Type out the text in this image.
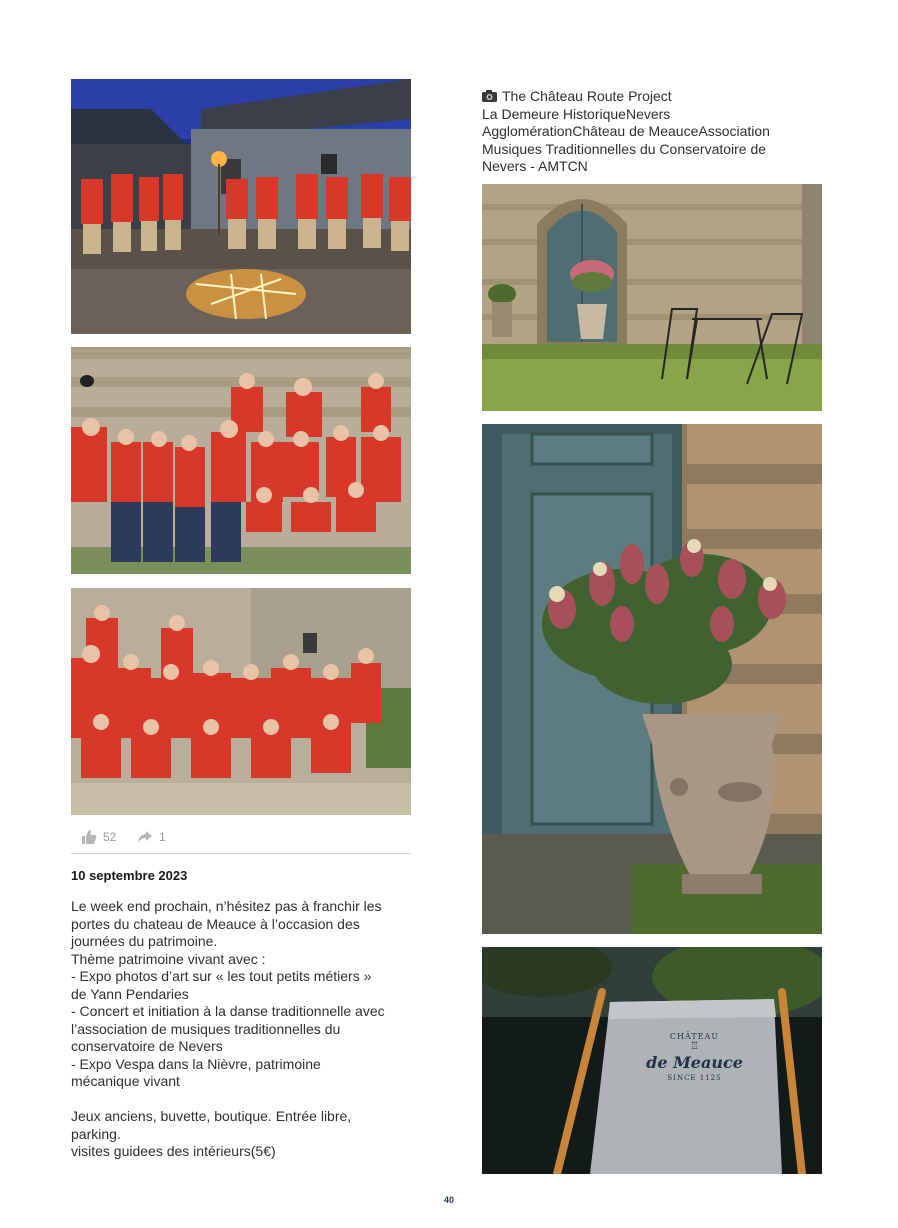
52	1
10 septembre 2023

Le week end prochain, n’hésitez pas à franchir les

portes du chateau de Meauce à l’occasion des

journées du patrimoine.

Thème patrimoine vivant avec :

- Expo photos d’art sur « les tout petits métiers »

de Yann Pendaries

- Concert et initiation à la danse traditionnelle avec

l’association de musiques traditionnelles du

conservatoire de Nevers

- Expo Vespa dans la Nièvre, patrimoine

mécanique vivant

Jeux anciens, buvette, boutique. Entrée libre,

parking.

visites guidees des intérieurs(5€)

The Château Route Project

La Demeure HistoriqueNevers

AgglomérationChâteau de MeauceAssociation

Musiques Traditionnelles du Conservatoire de

Nevers - AMTCN

CHÂTEAU
♖
de Meauce
SINCE 1125
40
